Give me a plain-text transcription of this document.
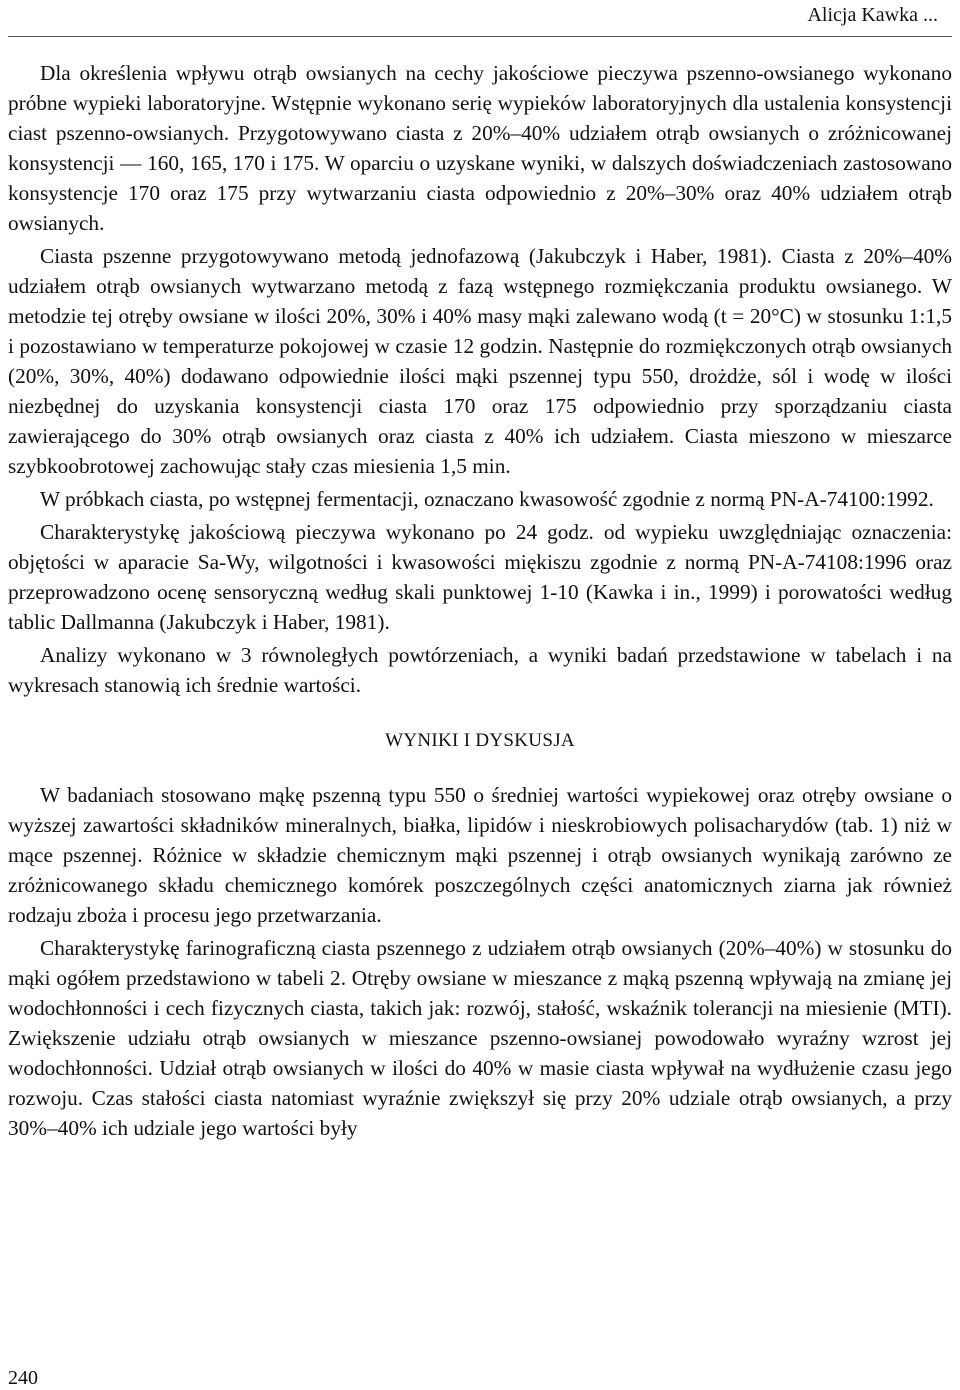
Alicja Kawka ...

Dla określenia wpływu otrąb owsianych na cechy jakościowe pieczywa pszenno-owsianego wykonano próbne wypieki laboratoryjne. Wstępnie wykonano serię wypieków laboratoryjnych dla ustalenia konsystencji ciast pszenno-owsianych. Przygotowywano ciasta z 20%–40% udziałem otrąb owsianych o zróżnicowanej konsystencji — 160, 165, 170 i 175. W oparciu o uzyskane wyniki, w dalszych doświadczeniach zastosowano konsystencje 170 oraz 175 przy wytwarzaniu ciasta odpowiednio z 20%–30% oraz 40% udziałem otrąb owsianych.

Ciasta pszenne przygotowywano metodą jednofazową (Jakubczyk i Haber, 1981). Ciasta z 20%–40% udziałem otrąb owsianych wytwarzano metodą z fazą wstępnego rozmiękczania produktu owsianego. W metodzie tej otręby owsiane w ilości 20%, 30% i 40% masy mąki zalewano wodą (t = 20°C) w stosunku 1:1,5 i pozostawiano w temperaturze pokojowej w czasie 12 godzin. Następnie do rozmiękczonych otrąb owsianych (20%, 30%, 40%) dodawano odpowiednie ilości mąki pszennej typu 550, drożdże, sól i wodę w ilości niezbędnej do uzyskania konsystencji ciasta 170 oraz 175 odpowiednio przy sporządzaniu ciasta zawierającego do 30% otrąb owsianych oraz ciasta z 40% ich udziałem. Ciasta mieszono w mieszarce szybkoobrotowej zachowując stały czas miesienia 1,5 min.

W próbkach ciasta, po wstępnej fermentacji, oznaczano kwasowość zgodnie z normą PN-A-74100:1992.

Charakterystykę jakościową pieczywa wykonano po 24 godz. od wypieku uwzględniając oznaczenia: objętości w aparacie Sa-Wy, wilgotności i kwasowości miękiszu zgodnie z normą PN-A-74108:1996 oraz przeprowadzono ocenę sensoryczną według skali punktowej 1-10 (Kawka i in., 1999) i porowatości według tablic Dallmanna (Jakubczyk i Haber, 1981).

Analizy wykonano w 3 równoległych powtórzeniach, a wyniki badań przedstawione w tabelach i na wykresach stanowią ich średnie wartości.

WYNIKI I DYSKUSJA

W badaniach stosowano mąkę pszenną typu 550 o średniej wartości wypiekowej oraz otręby owsiane o wyższej zawartości składników mineralnych, białka, lipidów i nieskrobiowych polisacharydów (tab. 1) niż w mące pszennej. Różnice w składzie chemicznym mąki pszennej i otrąb owsianych wynikają zarówno ze zróżnicowanego składu chemicznego komórek poszczególnych części anatomicznych ziarna jak również rodzaju zboża i procesu jego przetwarzania.

Charakterystykę farinograficzną ciasta pszennego z udziałem otrąb owsianych (20%–40%) w stosunku do mąki ogółem przedstawiono w tabeli 2. Otręby owsiane w mieszance z mąką pszenną wpływają na zmianę jej wodochłonności i cech fizycznych ciasta, takich jak: rozwój, stałość, wskaźnik tolerancji na miesienie (MTI). Zwiększenie udziału otrąb owsianych w mieszance pszenno-owsianej powodowało wyraźny wzrost jej wodochłonności. Udział otrąb owsianych w ilości do 40% w masie ciasta wpływał na wydłużenie czasu jego rozwoju. Czas stałości ciasta natomiast wyraźnie zwiększył się przy 20% udziale otrąb owsianych, a przy 30%–40% ich udziale jego wartości były

240
